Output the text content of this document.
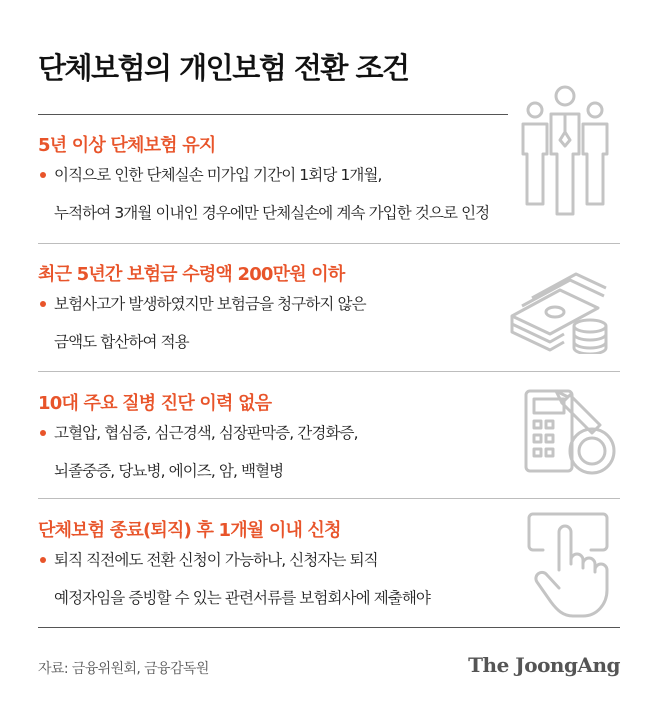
단체보험의 개인보험 전환 조건
5년 이상 단체보험 유지
이직으로 인한 단체실손 미가입 기간이 1회당 1개월,
누적하여 3개월 이내인 경우에만 단체실손에 계속 가입한 것으로 인정
최근 5년간 보험금 수령액 200만원 이하
보험사고가 발생하였지만 보험금을 청구하지 않은
금액도 합산하여 적용
10대 주요 질병 진단 이력 없음
고혈압, 협심증, 심근경색, 심장판막증, 간경화증,
뇌졸중증, 당뇨병, 에이즈, 암, 백혈병
단체보험 종료(퇴직) 후 1개월 이내 신청
퇴직 직전에도 전환 신청이 가능하나, 신청자는 퇴직
예정자임을 증빙할 수 있는 관련서류를 보험회사에 제출해야
자료: 금융위원회, 금융감독원	The JoongAng
